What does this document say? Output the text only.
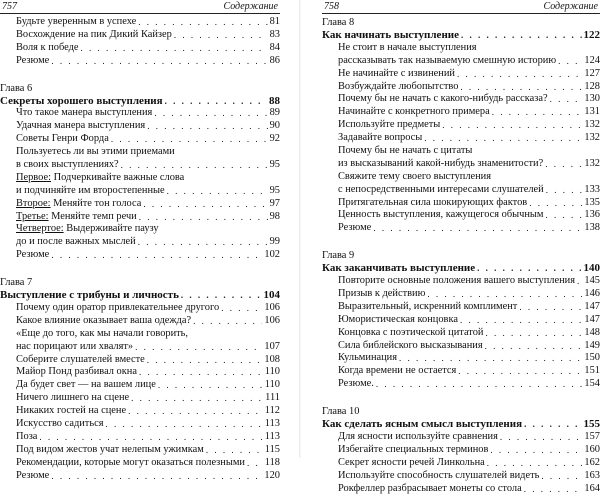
757	Содержание
Будьте уверенным в успехе . . .	81
Восхождение на пик Дикий Кайзер . . .	83
Воля к победе . . .	84
Резюме . . .	86
Глава 6
Секреты хорошего выступления . . .	88
Что такое манера выступления . . .	89
Удачная манера выступления . . .	90
Советы Генри Форда . . .	92
Пользуетесь ли вы этими приемами
в своих выступлениях? . . .	95
Первое: Подчеркивайте важные слова
и подчиняйте им второстепенные . . .	95
Второе: Меняйте тон голоса . . .	97
Третье: Меняйте темп речи . . .	98
Четвертое: Выдерживайте паузу
до и после важных мыслей . . .	99
Резюме . . .	102
Глава 7
Выступление с трибуны и личность . . .	104
Почему один оратор привлекательнее другого . . .	106
Какое влияние оказывает ваша одежда? . . .	106
«Еще до того, как мы начали говорить,
нас порицают или хвалят» . . .	107
Соберите слушателей вместе . . .	108
Майор Понд разбивал окна . . .	110
Да будет свет — на вашем лице . . .	110
Ничего лишнего на сцене . . .	111
Никаких гостей на сцене . . .	112
Искусство садиться . . .	113
Поза . . .	113
Под видом жестов учат нелепым ужимкам . . .	115
Рекомендации, которые могут оказаться полезными . . . 118
Резюме . . .	120
758	Содержание
Глава 8
Как начинать выступление . . .	122
Не стоит в начале выступления
рассказывать так называемую смешную историю . . .	124
Не начинайте с извинений . . .	127
Возбуждайте любопытство . . .	128
Почему бы не начать с какого-нибудь рассказа? . . .	130
Начинайте с конкретного примера . . .	131
Используйте предметы . . .	132
Задавайте вопросы . . .	132
Почему бы не начать с цитаты
из высказываний какой-нибудь знаменитости? . . .	132
Свяжите тему своего выступления
с непосредственными интересами слушателей . . .	133
Притягательная сила шокирующих фактов . . .	135
Ценность выступления, кажущегося обычным . . .	136
Резюме . . .	138
Глава 9
Как заканчивать выступление . . .	140
Повторите основные положения вашего выступления . . . 145
Призыв к действию . . .	146
Выразительный, искренний комплимент . . .	147
Юмористическая концовка . . .	147
Концовка с поэтической цитатой . . .	148
Сила библейского высказывания . . .	149
Кульминация . . .	150
Когда времени не остается . . .	151
Резюме. . . .	154
Глава 10
Как сделать ясным смысл выступления . . .	155
Для ясности используйте сравнения . . .	157
Избегайте специальных терминов . . .	160
Секрет ясности речей Линкольна . . .	162
Используйте способность слушателей видеть . . .	163
Рокфеллер разбрасывает монеты со стола . . .	164
